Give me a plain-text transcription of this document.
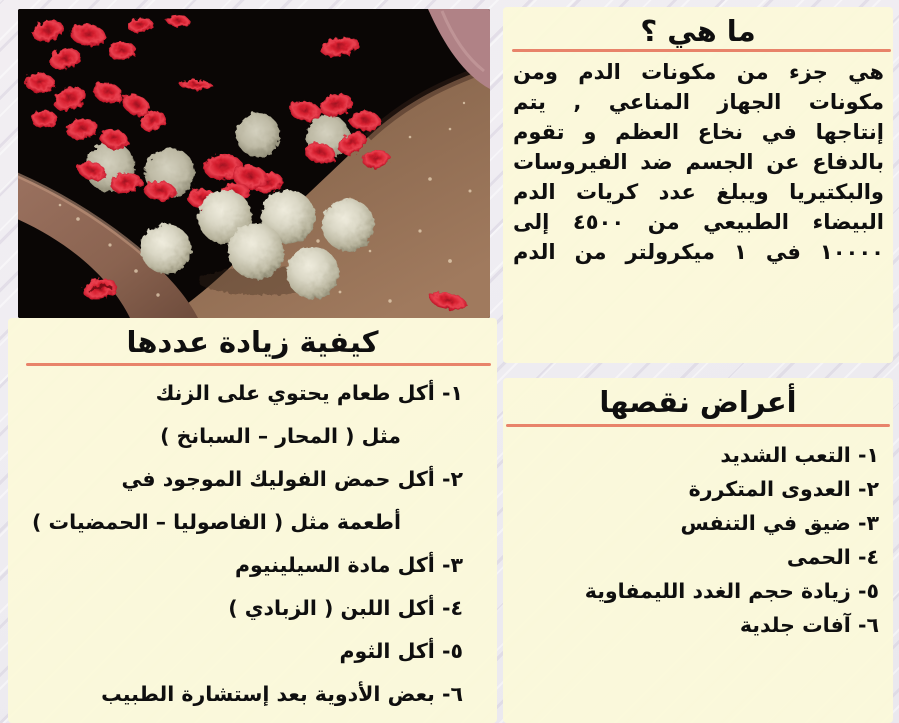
ما هي ؟

هي جزء من مكونات الدم ومن مكونات الجهاز المناعي , يتم إنتاجها في نخاع العظم و تقوم بالدفاع عن الجسم ضد الفيروسات والبكتيريا ويبلغ عدد كريات الدم البيضاء الطبيعي من ٤٥٠٠ إلى ١٠٠٠٠ في ١ ميكرولتر من الدم

كيفية زيادة عددها
١- أكل طعام يحتوي على الزنك
مثل ( المحار – السبانخ )
٢- أكل حمض الفوليك الموجود في
أطعمة مثل ( الفاصوليا – الحمضيات )
٣- أكل مادة السيلينيوم
٤- أكل اللبن ( الزبادي )
٥- أكل الثوم
٦- بعض الأدوية بعد إستشارة الطبيب
أعراض نقصها
١- التعب الشديد
٢- العدوى المتكررة
٣- ضيق في التنفس
٤- الحمى
٥- زيادة حجم الغدد الليمفاوية
٦- آفات جلدية
